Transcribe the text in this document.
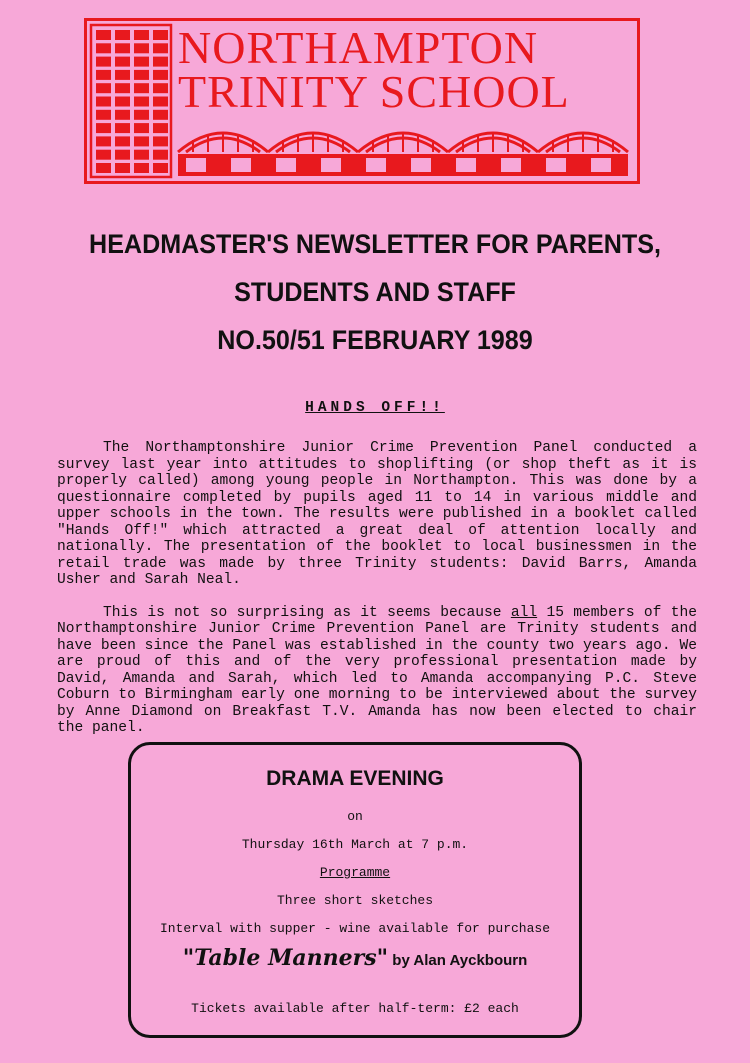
NORTHAMPTON
TRINITY SCHOOL
HEADMASTER'S NEWSLETTER FOR PARENTS,
STUDENTS AND STAFF
NO.50/51 FEBRUARY 1989
HANDS OFF!!

The Northamptonshire Junior Crime Prevention Panel conducted a survey last year into attitudes to shoplifting (or shop theft as it is properly called) among young people in Northampton. This was done by a questionnaire completed by pupils aged 11 to 14 in various middle and upper schools in the town. The results were published in a booklet called "Hands Off!" which attracted a great deal of attention locally and nationally. The presentation of the booklet to local businessmen in the retail trade was made by three Trinity students: David Barrs, Amanda Usher and Sarah Neal.

This is not so surprising as it seems because all 15 members of the Northamptonshire Junior Crime Prevention Panel are Trinity students and have been since the Panel was established in the county two years ago. We are proud of this and of the very professional presentation made by David, Amanda and Sarah, which led to Amanda accompanying P.C. Steve Coburn to Birmingham early one morning to be interviewed about the survey by Anne Diamond on Breakfast T.V. Amanda has now been elected to chair the panel.

DRAMA EVENING
on
Thursday 16th March at 7 p.m.
Programme
Three short sketches
Interval with supper - wine available for purchase
"Table Manners" by Alan Ayckbourn
Tickets available after half-term: £2 each
